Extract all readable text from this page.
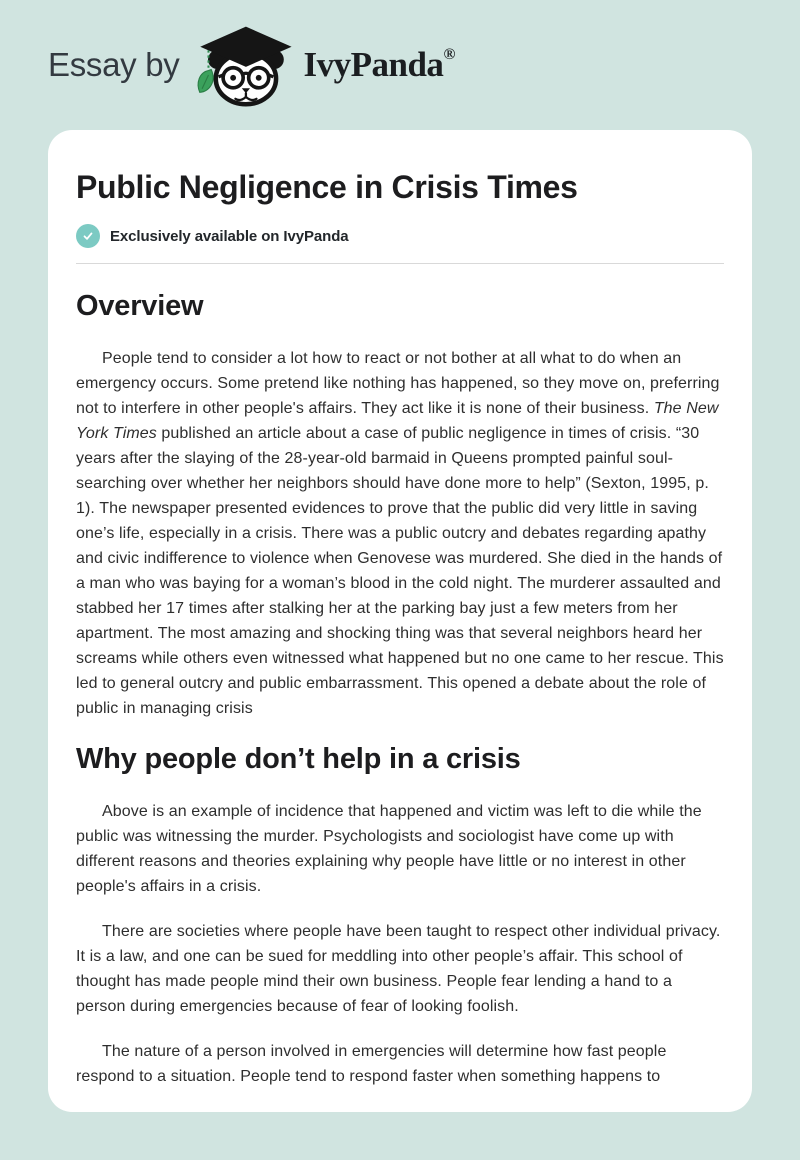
Essay by	IvyPanda ®
Public Negligence in Crisis Times
Exclusively available on IvyPanda
Overview

People tend to consider a lot how to react or not bother at all what to do when an emergency occurs. Some pretend like nothing has happened, so they move on, preferring not to interfere in other people's affairs. They act like it is none of their business. The New York Times published an article about a case of public negligence in times of crisis. “30 years after the slaying of the 28-year-old barmaid in Queens prompted painful soul-searching over whether her neighbors should have done more to help” (Sexton, 1995, p. 1). The newspaper presented evidences to prove that the public did very little in saving one’s life, especially in a crisis. There was a public outcry and debates regarding apathy and civic indifference to violence when Genovese was murdered. She died in the hands of a man who was baying for a woman’s blood in the cold night. The murderer assaulted and stabbed her 17 times after stalking her at the parking bay just a few meters from her apartment. The most amazing and shocking thing was that several neighbors heard her screams while others even witnessed what happened but no one came to her rescue. This led to general outcry and public embarrassment. This opened a debate about the role of public in managing crisis

Why people don’t help in a crisis

Above is an example of incidence that happened and victim was left to die while the public was witnessing the murder. Psychologists and sociologist have come up with different reasons and theories explaining why people have little or no interest in other people's affairs in a crisis.

There are societies where people have been taught to respect other individual privacy. It is a law, and one can be sued for meddling into other people’s affair. This school of thought has made people mind their own business. People fear lending a hand to a person during emergencies because of fear of looking foolish.

The nature of a person involved in emergencies will determine how fast people respond to a situation. People tend to respond faster when something happens to
